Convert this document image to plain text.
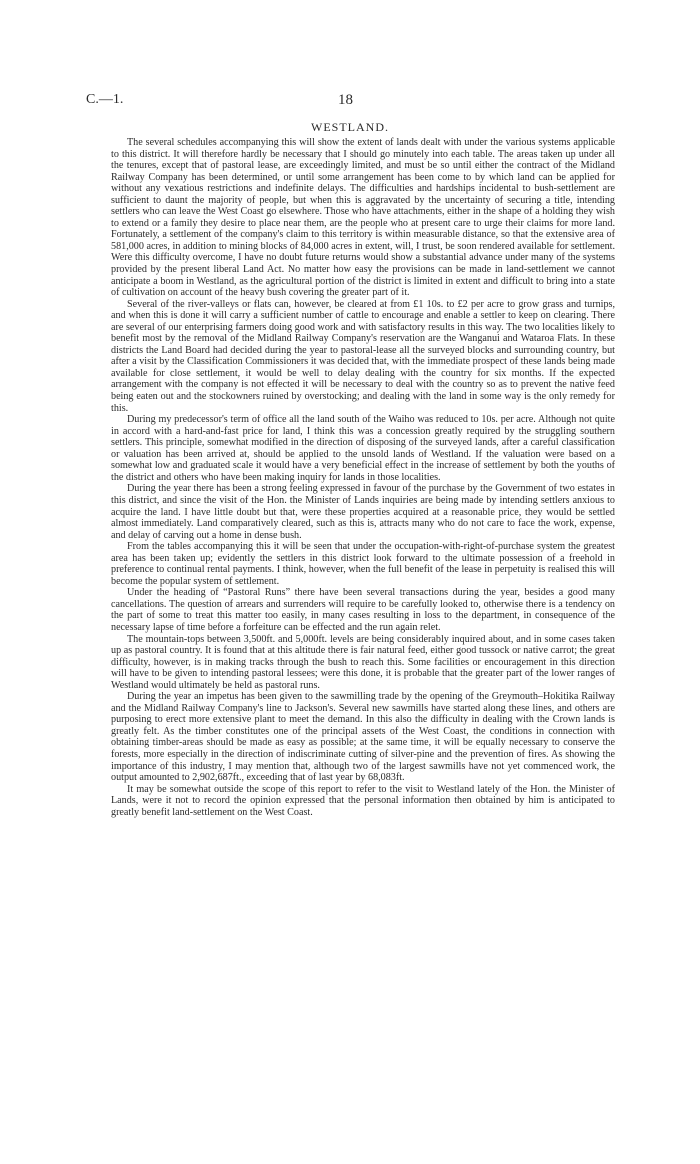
C.—1.	18
WESTLAND.

The several schedules accompanying this will show the extent of lands dealt with under the various systems applicable to this district. It will therefore hardly be necessary that I should go minutely into each table. The areas taken up under all the tenures, except that of pastoral lease, are exceedingly limited, and must be so until either the contract of the Midland Railway Company has been determined, or until some arrangement has been come to by which land can be applied for without any vexatious restrictions and indefinite delays. The difficulties and hardships incidental to bush-settlement are sufficient to daunt the majority of people, but when this is aggravated by the uncertainty of securing a title, intending settlers who can leave the West Coast go elsewhere. Those who have attachments, either in the shape of a holding they wish to extend or a family they desire to place near them, are the people who at present care to urge their claims for more land. Fortunately, a settlement of the company's claim to this territory is within measurable distance, so that the extensive area of 581,000 acres, in addition to mining blocks of 84,000 acres in extent, will, I trust, be soon rendered available for settlement. Were this difficulty overcome, I have no doubt future returns would show a substantial advance under many of the systems provided by the present liberal Land Act. No matter how easy the provisions can be made in land-settlement we cannot anticipate a boom in Westland, as the agricultural portion of the district is limited in extent and difficult to bring into a state of cultivation on account of the heavy bush covering the greater part of it.

Several of the river-valleys or flats can, however, be cleared at from £1 10s. to £2 per acre to grow grass and turnips, and when this is done it will carry a sufficient number of cattle to encourage and enable a settler to keep on clearing. There are several of our enterprising farmers doing good work and with satisfactory results in this way. The two localities likely to benefit most by the removal of the Midland Railway Company's reservation are the Wanganui and Wataroa Flats. In these districts the Land Board had decided during the year to pastoral-lease all the surveyed blocks and surrounding country, but after a visit by the Classification Commissioners it was decided that, with the immediate prospect of these lands being made available for close settlement, it would be well to delay dealing with the country for six months. If the expected arrangement with the company is not effected it will be necessary to deal with the country so as to prevent the native feed being eaten out and the stockowners ruined by overstocking; and dealing with the land in some way is the only remedy for this.

During my predecessor's term of office all the land south of the Waiho was reduced to 10s. per acre. Although not quite in accord with a hard-and-fast price for land, I think this was a concession greatly required by the struggling southern settlers. This principle, somewhat modified in the direction of disposing of the surveyed lands, after a careful classification or valuation has been arrived at, should be applied to the unsold lands of Westland. If the valuation were based on a somewhat low and graduated scale it would have a very beneficial effect in the increase of settlement by both the youths of the district and others who have been making inquiry for lands in those localities.

During the year there has been a strong feeling expressed in favour of the purchase by the Government of two estates in this district, and since the visit of the Hon. the Minister of Lands inquiries are being made by intending settlers anxious to acquire the land. I have little doubt but that, were these properties acquired at a reasonable price, they would be settled almost immediately. Land comparatively cleared, such as this is, attracts many who do not care to face the work, expense, and delay of carving out a home in dense bush.

From the tables accompanying this it will be seen that under the occupation-with-right-of-purchase system the greatest area has been taken up; evidently the settlers in this district look forward to the ultimate possession of a freehold in preference to continual rental payments. I think, however, when the full benefit of the lease in perpetuity is realised this will become the popular system of settlement.

Under the heading of “Pastoral Runs” there have been several transactions during the year, besides a good many cancellations. The question of arrears and surrenders will require to be carefully looked to, otherwise there is a tendency on the part of some to treat this matter too easily, in many cases resulting in loss to the department, in consequence of the necessary lapse of time before a forfeiture can be effected and the run again relet.

The mountain-tops between 3,500ft. and 5,000ft. levels are being considerably inquired about, and in some cases taken up as pastoral country. It is found that at this altitude there is fair natural feed, either good tussock or native carrot; the great difficulty, however, is in making tracks through the bush to reach this. Some facilities or encouragement in this direction will have to be given to intending pastoral lessees; were this done, it is probable that the greater part of the lower ranges of Westland would ultimately be held as pastoral runs.

During the year an impetus has been given to the sawmilling trade by the opening of the Greymouth–Hokitika Railway and the Midland Railway Company's line to Jackson's. Several new sawmills have started along these lines, and others are purposing to erect more extensive plant to meet the demand. In this also the difficulty in dealing with the Crown lands is greatly felt. As the timber constitutes one of the principal assets of the West Coast, the conditions in connection with obtaining timber-areas should be made as easy as possible; at the same time, it will be equally necessary to conserve the forests, more especially in the direction of indiscriminate cutting of silver-pine and the prevention of fires. As showing the importance of this industry, I may mention that, although two of the largest sawmills have not yet commenced work, the output amounted to 2,902,687ft., exceeding that of last year by 68,083ft.

It may be somewhat outside the scope of this report to refer to the visit to Westland lately of the Hon. the Minister of Lands, were it not to record the opinion expressed that the personal information then obtained by him is anticipated to greatly benefit land-settlement on the West Coast.
